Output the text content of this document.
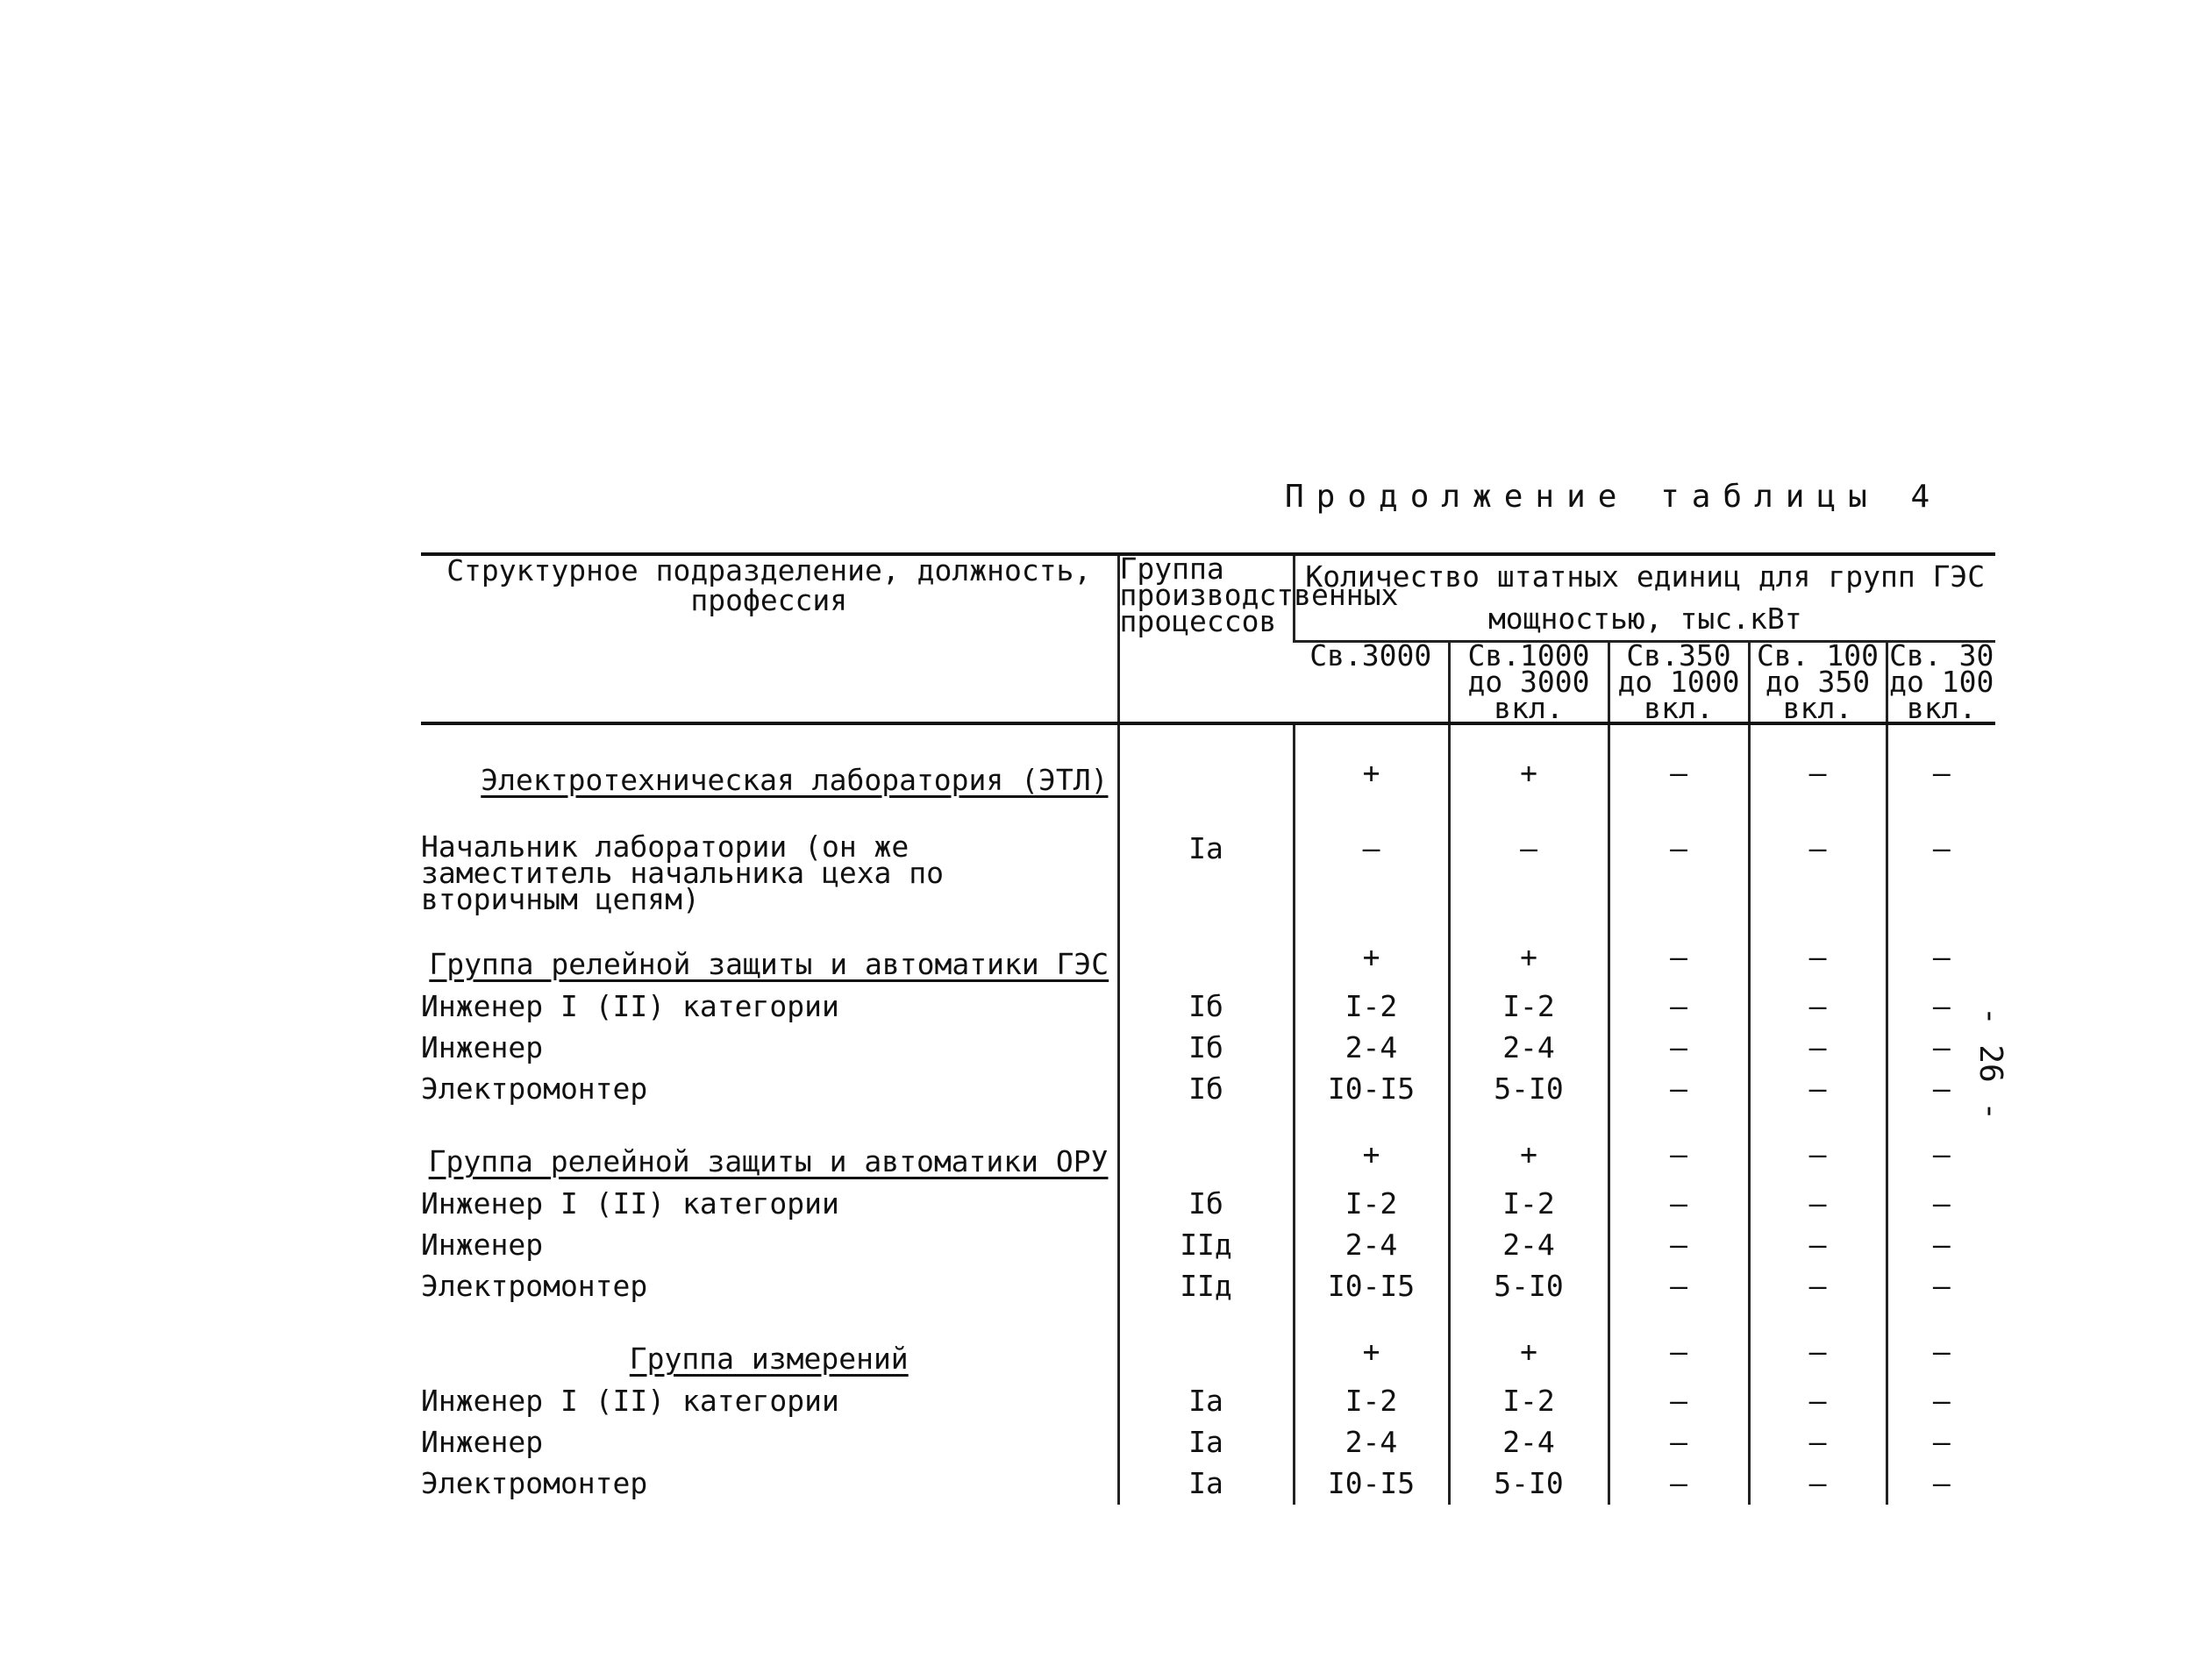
Продолжение таблицы 4
- 26 -
Структурное подразделение, должность, профессия	Группа производственных процессов	Количество штатных единиц для групп ГЭС мощностью, тыс.кВт				
		Св.3000	Св.1000 до 3000 вкл.	Св.350 до 1000 вкл.	Св. 100 до 350 вкл.	Св. 30 до 100 вкл.

Электротехническая лаборатория (ЭТЛ)		+	+	–	–	–

Начальник лаборатории (он же заместитель начальника цеха по вторичным цепям)	Iа	–	–	–	–	–

Группа релейной защиты и автоматики ГЭС		+	+	–	–	–
Инженер I (II) категории	Iб	I-2	I-2	–	–	–
Инженер	Iб	2-4	2-4	–	–	–
Электромонтер	Iб	I0-I5	5-I0	–	–	–

Группа релейной защиты и автоматики ОРУ		+	+	–	–	–
Инженер I (II) категории	Iб	I-2	I-2	–	–	–
Инженер	IIд	2-4	2-4	–	–	–
Электромонтер	IIд	I0-I5	5-I0	–	–	–

Группа измерений		+	+	–	–	–
Инженер I (II) категории	Iа	I-2	I-2	–	–	–
Инженер	Iа	2-4	2-4	–	–	–
Электромонтер	Iа	I0-I5	5-I0	–	–	–
